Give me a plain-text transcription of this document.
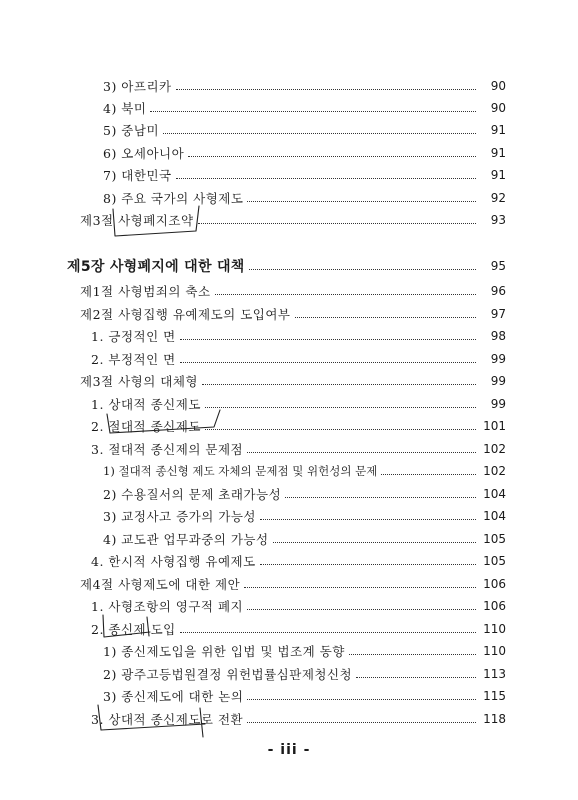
3) 아프리카	90
4) 북미	90
5) 중남미	91
6) 오세아니아	91
7) 대한민국	91
8) 주요 국가의 사형제도	92
제3절 사형폐지조약	93
제5장 사형폐지에 대한 대책	95
제1절 사형범죄의 축소	96
제2절 사형집행 유예제도의 도입여부	97
1. 긍정적인 면	98
2. 부정적인 면	99
제3절 사형의 대체형	99
1. 상대적 종신제도	99
2. 절대적 종신제도	101
3. 절대적 종신제의 문제점	102
1) 절대적 종신형 제도 자체의 문제점 및 위헌성의 문제	102
2) 수용질서의 문제 초래가능성	104
3) 교정사고 증가의 가능성	104
4) 교도관 업무과중의 가능성	105
4. 한시적 사형집행 유예제도	105
제4절 사형제도에 대한 제안	106
1. 사형조항의 영구적 폐지	106
2. 종신제 도입	110
1) 종신제도입을 위한 입법 및 법조계 동향	110
2) 광주고등법원결정 위헌법률심판제청신청	113
3) 종신제도에 대한 논의	115
3. 상대적 종신제도로 전환	118
- iii -
